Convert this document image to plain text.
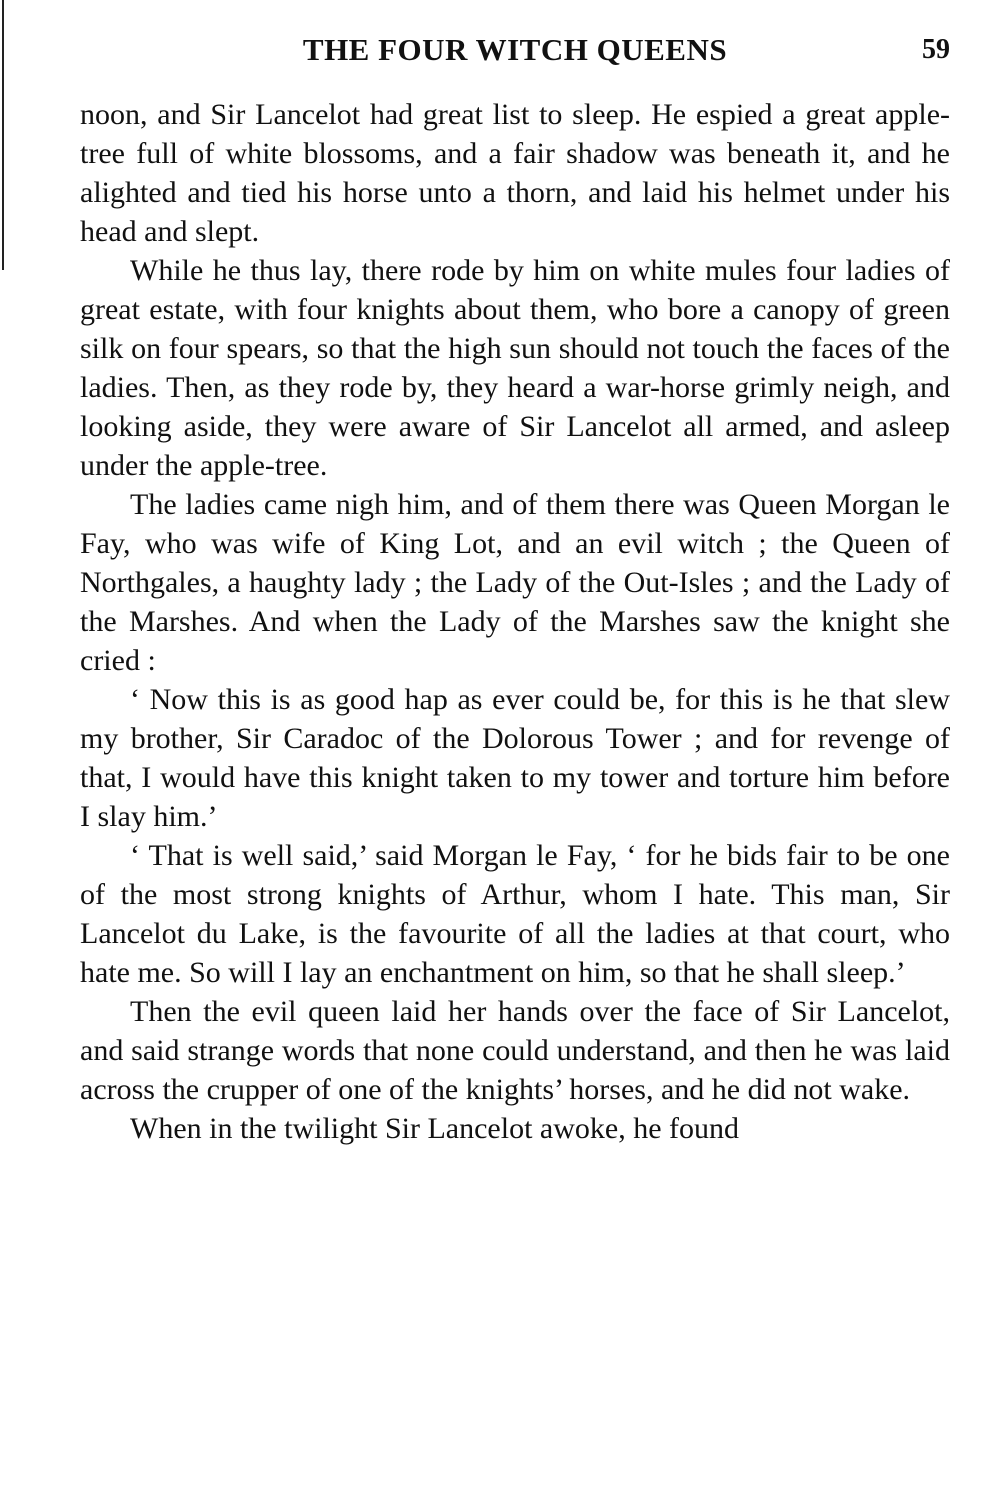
THE FOUR WITCH QUEENS	59

noon, and Sir Lancelot had great list to sleep. He espied a great apple-tree full of white blossoms, and a fair shadow was beneath it, and he alighted and tied his horse unto a thorn, and laid his helmet under his head and slept.

While he thus lay, there rode by him on white mules four ladies of great estate, with four knights about them, who bore a canopy of green silk on four spears, so that the high sun should not touch the faces of the ladies. Then, as they rode by, they heard a war-horse grimly neigh, and looking aside, they were aware of Sir Lancelot all armed, and asleep under the apple-tree.

The ladies came nigh him, and of them there was Queen Morgan le Fay, who was wife of King Lot, and an evil witch ; the Queen of Northgales, a haughty lady ; the Lady of the Out-Isles ; and the Lady of the Marshes. And when the Lady of the Marshes saw the knight she cried :

‘ Now this is as good hap as ever could be, for this is he that slew my brother, Sir Caradoc of the Dolorous Tower ; and for revenge of that, I would have this knight taken to my tower and torture him before I slay him.’

‘ That is well said,’ said Morgan le Fay, ‘ for he bids fair to be one of the most strong knights of Arthur, whom I hate. This man, Sir Lancelot du Lake, is the favourite of all the ladies at that court, who hate me. So will I lay an enchantment on him, so that he shall sleep.’

Then the evil queen laid her hands over the face of Sir Lancelot, and said strange words that none could understand, and then he was laid across the crupper of one of the knights’ horses, and he did not wake.

When in the twilight Sir Lancelot awoke, he found
